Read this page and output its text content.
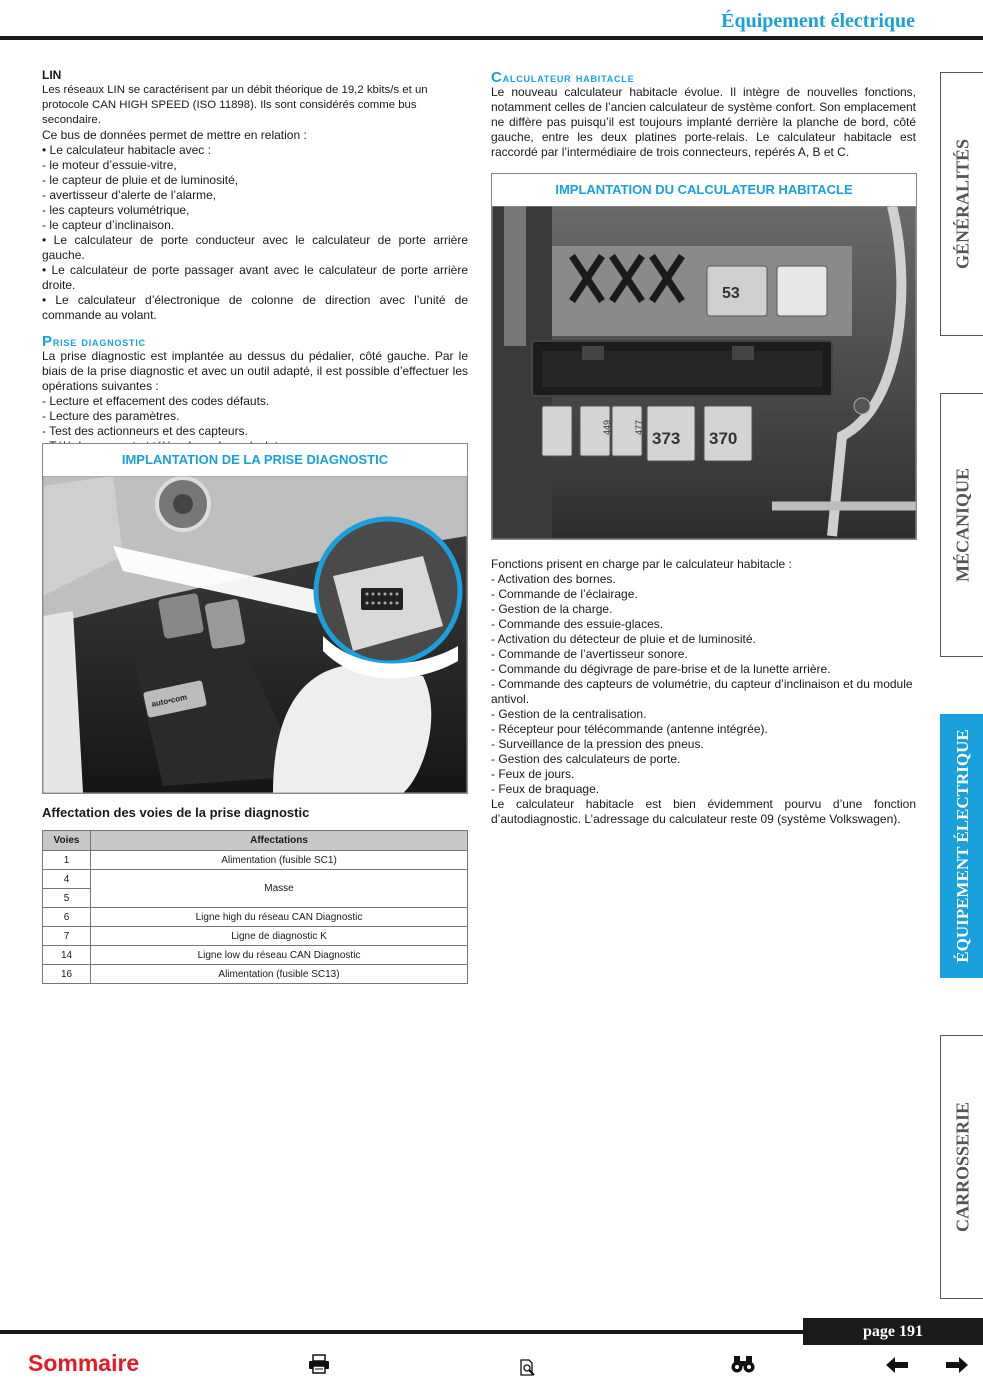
Équipement électrique

LIN

Les réseaux LIN se caractérisent par un débit théorique de 19,2 kbits/s et un protocole CAN HIGH SPEED (ISO 11898). Ils sont considérés comme bus secondaire.

Ce bus de données permet de mettre en relation :

• Le calculateur habitacle avec :

- le moteur d’essuie-vitre,

- le capteur de pluie et de luminosité,

- avertisseur d’alerte de l’alarme,

- les capteurs volumétrique,

- le capteur d’inclinaison.

• Le calculateur de porte conducteur avec le calculateur de porte arrière gauche.

• Le calculateur de porte passager avant avec le calculateur de porte arrière droite.

• Le calculateur d’électronique de colonne de direction avec l’unité de commande au volant.

Prise diagnostic

La prise diagnostic est implantée au dessus du pédalier, côté gauche. Par le biais de la prise diagnostic et avec un outil adapté, il est possible d’effectuer les opérations suivantes :

- Lecture et effacement des codes défauts.

- Lecture des paramètres.

- Test des actionneurs et des capteurs.

IMPLANTATION DE LA PRISE DIAGNOSTIC
auto•com
Affectation des voies de la prise diagnostic
Voies	Affectations
1	Alimentation (fusible SC1)
4	Masse
5	
6	Ligne high du réseau CAN Diagnostic
7	Ligne de diagnostic K
14	Ligne low du réseau CAN Diagnostic
16	Alimentation (fusible SC13)
Calculateur habitacle

Le nouveau calculateur habitacle évolue. Il intègre de nouvelles fonctions, notamment celles de l’ancien calculateur de système confort. Son emplacement ne diffère pas puisqu’il est toujours implanté derrière la planche de bord, côté gauche, entre les deux platines porte-relais. Le calculateur habitacle est raccordé par l’intermédiaire de trois connecteurs, repérés A, B et C.

IMPLANTATION DU CALCULATEUR HABITACLE
53
449 477
373 370

Fonctions prisent en charge par le calculateur habitacle :

- Activation des bornes.

- Commande de l’éclairage.

- Gestion de la charge.

- Commande des essuie-glaces.

- Activation du détecteur de pluie et de luminosité.

- Commande de l’avertisseur sonore.

- Commande du dégivrage de pare-brise et de la lunette arrière.

- Commande des capteurs de volumétrie, du capteur d’inclinaison et du module antivol.

- Gestion de la centralisation.

- Récepteur pour télécommande (antenne intégrée).

- Surveillance de la pression des pneus.

- Gestion des calculateurs de porte.

- Feux de jours.

- Feux de braquage.

Le calculateur habitacle est bien évidemment pourvu d’une fonction d’autodiagnostic. L’adressage du calculateur reste 09 (système Volkswagen).

GÉNÉRALITÉS
MÉCANIQUE
ÉQUIPEMENT ÉLECTRIQUE
CARROSSERIE
page 191
Sommaire
